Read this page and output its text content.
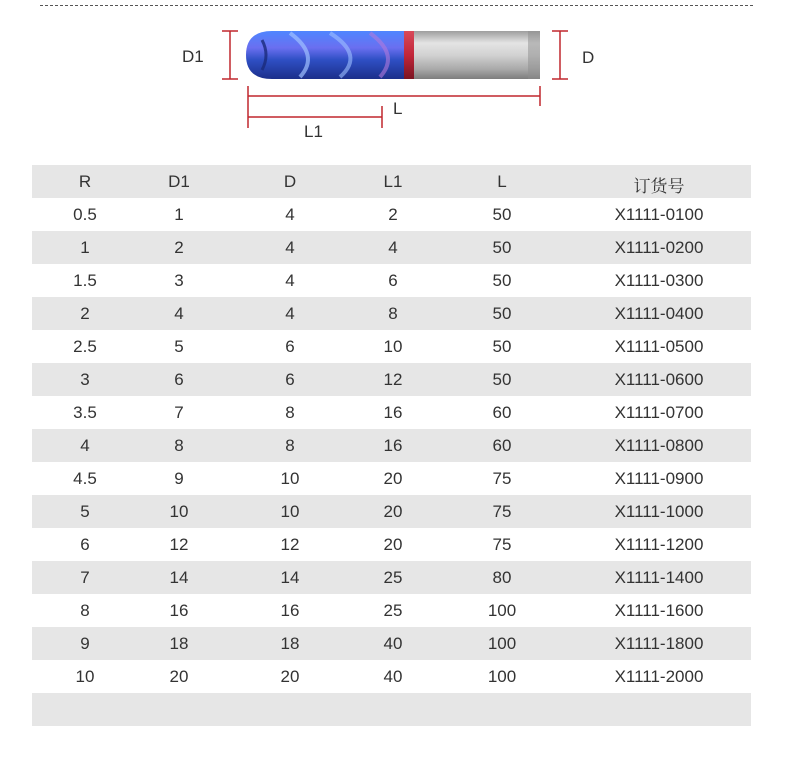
D1	D
L
L1
R	D1	D	L1	L	订货号
0.5	1	4	2	50	X1111-0100
1	2	4	4	50	X1111-0200
1.5	3	4	6	50	X1111-0300
2	4	4	8	50	X1111-0400
2.5	5	6	10	50	X1111-0500
3	6	6	12	50	X1111-0600
3.5	7	8	16	60	X1111-0700
4	8	8	16	60	X1111-0800
4.5	9	10	20	75	X1111-0900
5	10	10	20	75	X1111-1000
6	12	12	20	75	X1111-1200
7	14	14	25	80	X1111-1400
8	16	16	25	100	X1111-1600
9	18	18	40	100	X1111-1800
10	20	20	40	100	X1111-2000
